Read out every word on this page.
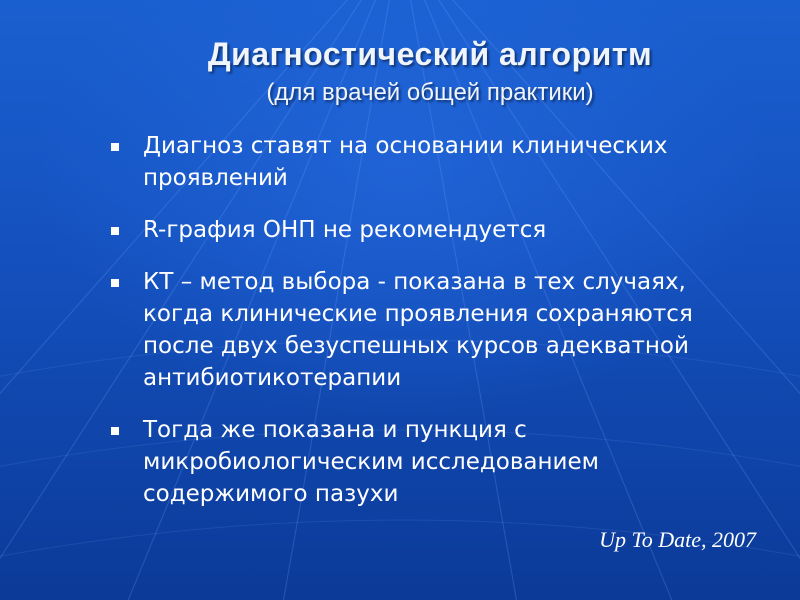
Диагностический алгоритм
(для врачей общей практики)
Диагноз ставят на основании клинических проявлений
R-графия ОНП не рекомендуется
КТ – метод выбора - показана в тех случаях, когда клинические проявления сохраняются после двух безуспешных курсов адекватной антибиотикотерапии
Тогда же показана и пункция с микробиологическим исследованием содержимого пазухи
Up To Date, 2007
